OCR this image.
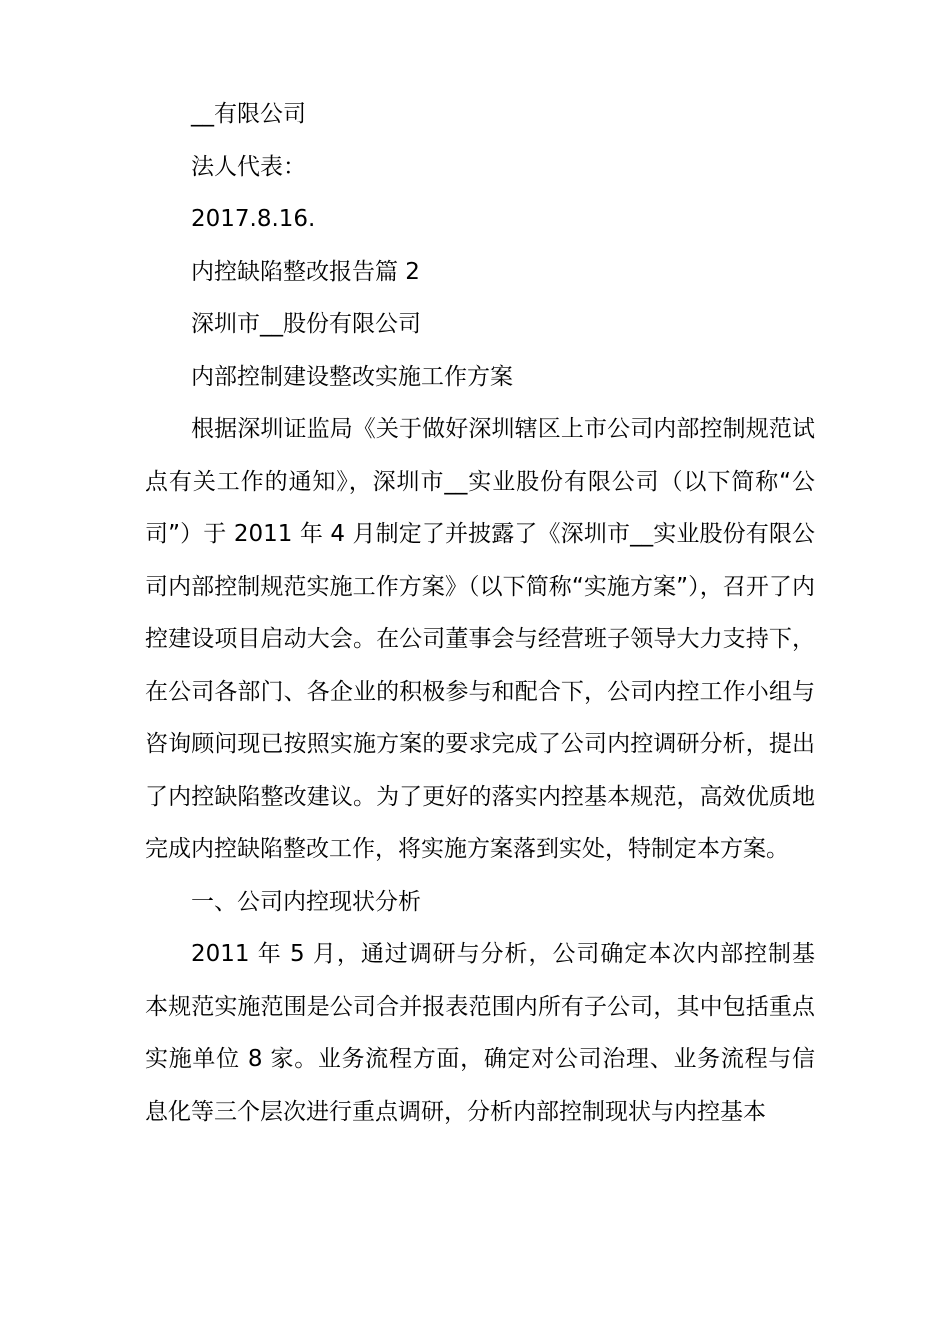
__有限公司

法人代表：

2017.8.16.

内控缺陷整改报告篇 2

深圳市__股份有限公司

内部控制建设整改实施工作方案

根据深圳证监局《关于做好深圳辖区上市公司内部控制规范试点有关工作的通知》，深圳市__实业股份有限公司（以下简称“公司”）于 2011 年 4 月制定了并披露了《深圳市__实业股份有限公司内部控制规范实施工作方案》（以下简称“实施方案”），召开了内控建设项目启动大会。在公司董事会与经营班子领导大力支持下，在公司各部门、各企业的积极参与和配合下，公司内控工作小组与咨询顾问现已按照实施方案的要求完成了公司内控调研分析，提出了内控缺陷整改建议。为了更好的落实内控基本规范，高效优质地完成内控缺陷整改工作，将实施方案落到实处，特制定本方案。

一、公司内控现状分析

2011 年 5 月，通过调研与分析，公司确定本次内部控制基本规范实施范围是公司合并报表范围内所有子公司，其中包括重点实施单位 8 家。业务流程方面，确定对公司治理、业务流程与信息化等三个层次进行重点调研，分析内部控制现状与内控基本
